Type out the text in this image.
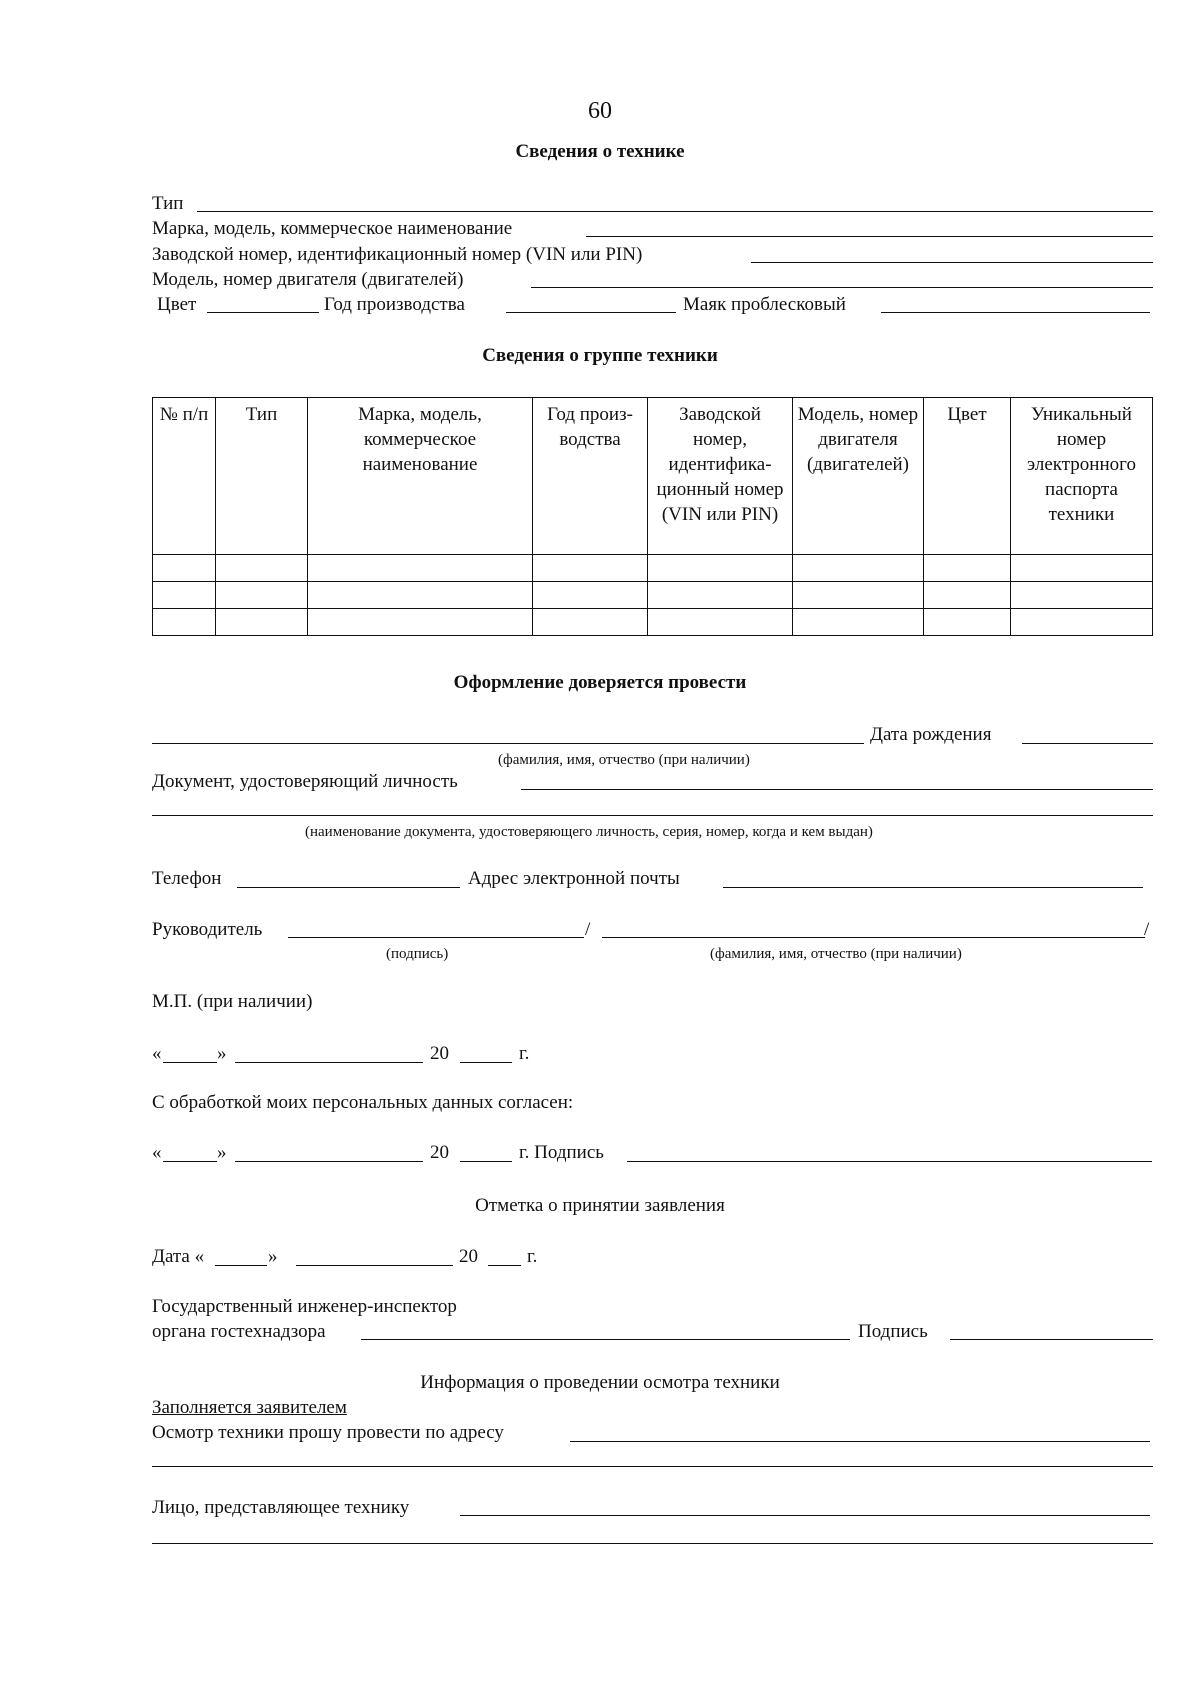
60
Сведения о технике
Тип
Марка, модель, коммерческое наименование
Заводской номер, идентификационный номер (VIN или PIN)
Модель, номер двигателя (двигателей)
Цвет	Год производства	Маяк проблесковый
Сведения о группе техники
№ п/п	Тип	Марка, модель, коммерческое наименование	Год произ- водства	Заводской номер, идентифика- ционный номер (VIN или PIN)	Модель, номер двигателя (двигателей)	Цвет	Уникальный номер электронного паспорта техники

Оформление доверяется провести
Дата рождения
(фамилия, имя, отчество (при наличии)
Документ, удостоверяющий личность
(наименование документа, удостоверяющего личность, серия, номер, когда и кем выдан)
Телефон	Адрес электронной почты
Руководитель	/	/
(подпись)	(фамилия, имя, отчество (при наличии)
М.П. (при наличии)
«	»	20	г.
С обработкой моих персональных данных согласен:
«	»	20	г. Подпись
Отметка о принятии заявления
Дата «	»	20	г.
Государственный инженер-инспектор
органа гостехнадзора	Подпись
Информация о проведении осмотра техники
Заполняется заявителем
Осмотр техники прошу провести по адресу
Лицо, представляющее технику
